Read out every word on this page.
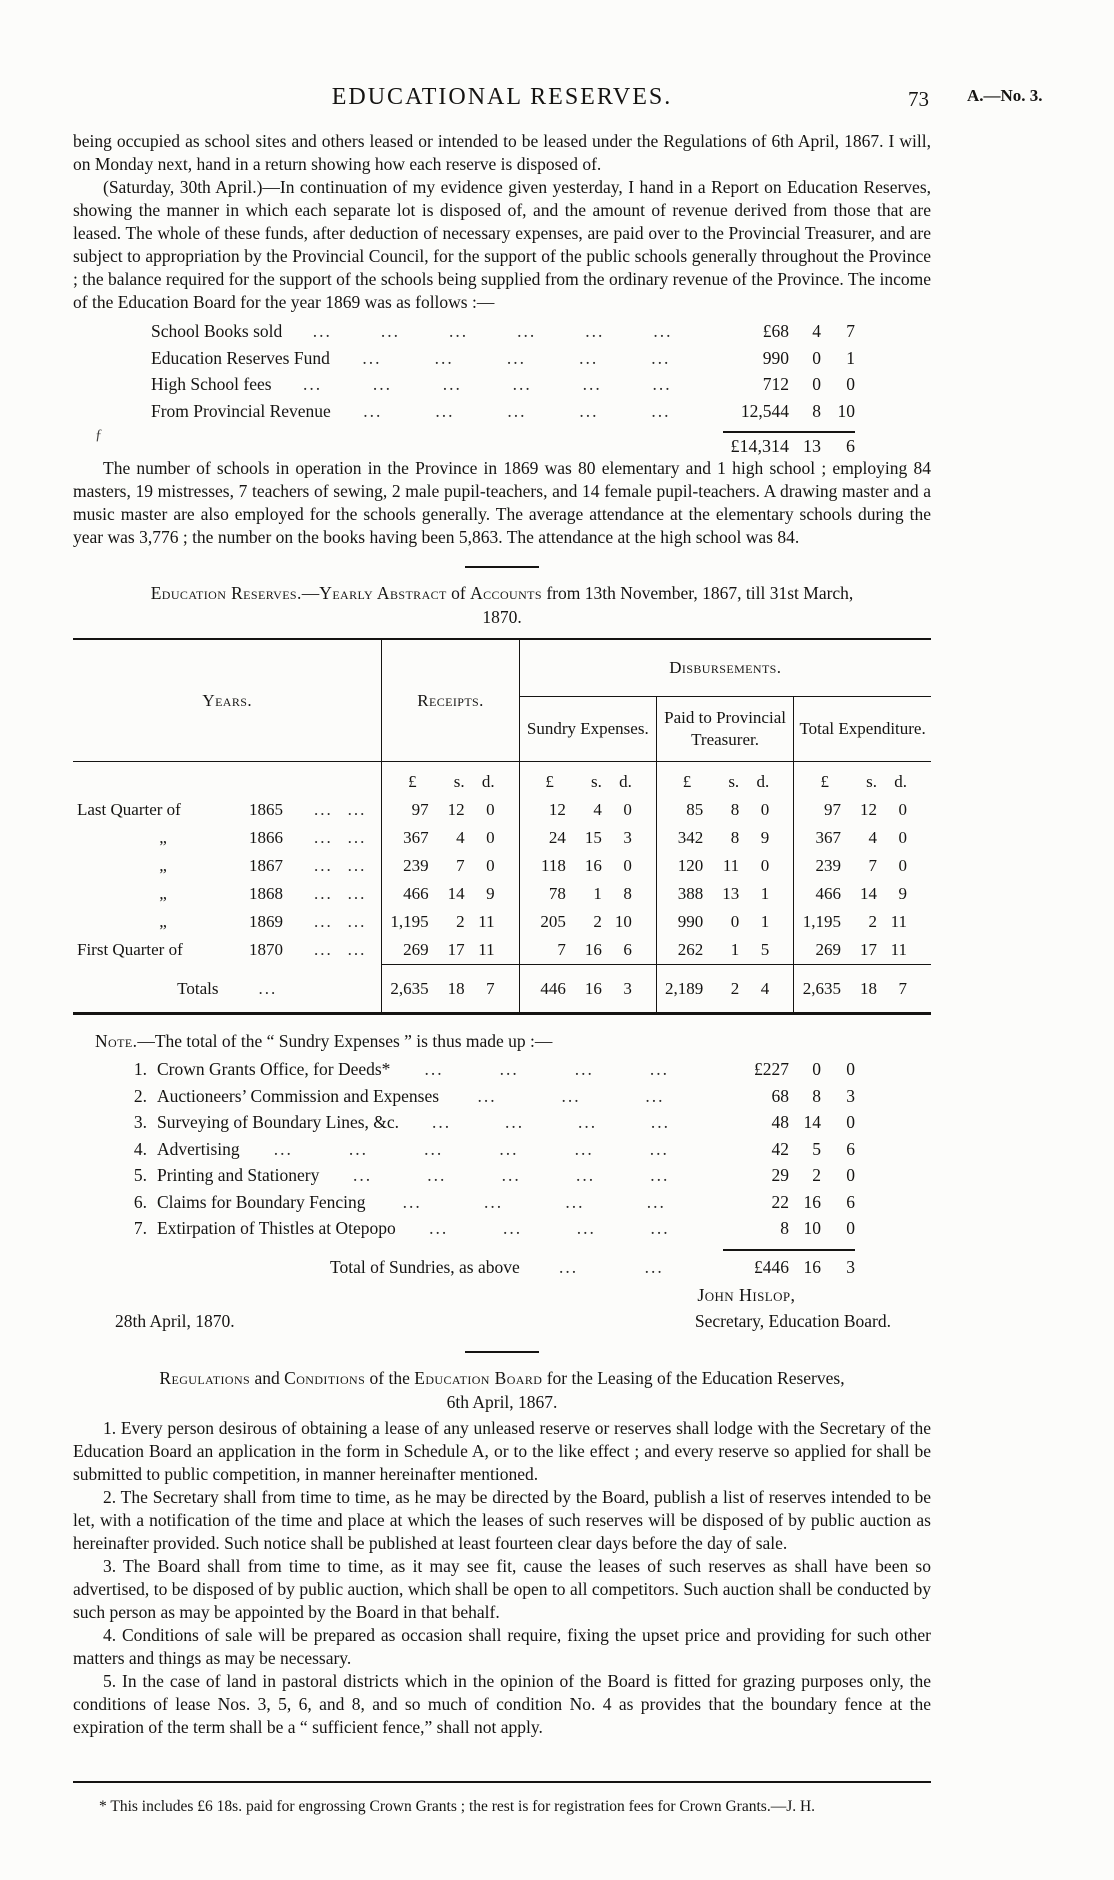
EDUCATIONAL RESERVES.	73 A.—No. 3.

being occupied as school sites and others leased or intended to be leased under the Regulations of 6th April, 1867. I will, on Monday next, hand in a return showing how each reserve is disposed of.

(Saturday, 30th April.)—In continuation of my evidence given yesterday, I hand in a Report on Education Reserves, showing the manner in which each separate lot is disposed of, and the amount of revenue derived from those that are leased. The whole of these funds, after deduction of necessary expenses, are paid over to the Provincial Treasurer, and are subject to appropriation by the Provincial Council, for the support of the public schools generally throughout the Province ; the balance required for the support of the schools being supplied from the ordinary revenue of the Province. The income of the Education Board for the year 1869 was as follows :—

School Books sold ...	...	...	...	...	...	£68	4	7
Education Reserves Fund ...	...	...	...	...	990	0	1
High School fees ...	...	...	...	...	...	712	0	0
From Provincial Revenue ...	...	...	...	...	12,544	8 10
ƒ
£14,314 13	6

The number of schools in operation in the Province in 1869 was 80 elementary and 1 high school ; employing 84 masters, 19 mistresses, 7 teachers of sewing, 2 male pupil-teachers, and 14 female pupil-teachers. A drawing master and a music master are also employed for the schools generally. The average attendance at the elementary schools during the year was 3,776 ; the number on the books having been 5,863. The attendance at the high school was 84.

Education Reserves.—Yearly Abstract of Accounts from 13th November, 1867, till 31st March,
1870.
Years.	Receipts.	Disbursements.		
		Sundry Expenses.	Paid to Provincial Treasurer.	Total Expenditure.

	£ s. d.	£ s. d.	£ s. d.	£ s. d.

Last Quarter of 1865 ... ...	97 12 0	12 4 0	85 8 0	97 12 0

„ 1866 ... ...	367 4 0	24 15 3	342 8 9	367 4 0

„ 1867 ... ...	239 7 0	118 16 0	120 11 0	239 7 0

„ 1868 ... ...	466 14 9	78 1 8	388 13 1	466 14 9

„ 1869 ... ...	1,195 2 11	205 2 10	990 0 1	1,195 2 11

First Quarter of 1870 ... ...	269 17 11	7 16 6	262 1 5	269 17 11

Totals ...	2,635 18 7	446 16 3	2,189 2 4	2,635 18 7
Note.—The total of the “ Sundry Expenses ” is thus made up :—
1. Crown Grants Office, for Deeds* ...	...	...	...	£227	0	0
2. Auctioneers’ Commission and Expenses ...	...	...	68	8	3
3. Surveying of Boundary Lines, &c. ...	...	...	...	48 14	0
4. Advertising ...	...	...	...	...	...	42	5	6
5. Printing and Stationery ...	...	...	...	...	29	2	0
6. Claims for Boundary Fencing ...	...	...	...	22 16	6
7. Extirpation of Thistles at Otepopo ...	...	...	...	8 10	0
Total of Sundries, as above ...	...	£446 16	3
John Hislop,
28th April, 1870.	Secretary, Education Board.
Regulations and Conditions of the Education Board for the Leasing of the Education Reserves,
6th April, 1867.

1. Every person desirous of obtaining a lease of any unleased reserve or reserves shall lodge with the Secretary of the Education Board an application in the form in Schedule A, or to the like effect ; and every reserve so applied for shall be submitted to public competition, in manner hereinafter mentioned.

2. The Secretary shall from time to time, as he may be directed by the Board, publish a list of reserves intended to be let, with a notification of the time and place at which the leases of such reserves will be disposed of by public auction as hereinafter provided. Such notice shall be published at least fourteen clear days before the day of sale.

3. The Board shall from time to time, as it may see fit, cause the leases of such reserves as shall have been so advertised, to be disposed of by public auction, which shall be open to all competitors. Such auction shall be conducted by such person as may be appointed by the Board in that behalf.

4. Conditions of sale will be prepared as occasion shall require, fixing the upset price and providing for such other matters and things as may be necessary.

5. In the case of land in pastoral districts which in the opinion of the Board is fitted for grazing purposes only, the conditions of lease Nos. 3, 5, 6, and 8, and so much of condition No. 4 as provides that the boundary fence at the expiration of the term shall be a “ sufficient fence,” shall not apply.

* This includes £6 18s. paid for engrossing Crown Grants ; the rest is for registration fees for Crown Grants.—J. H.
